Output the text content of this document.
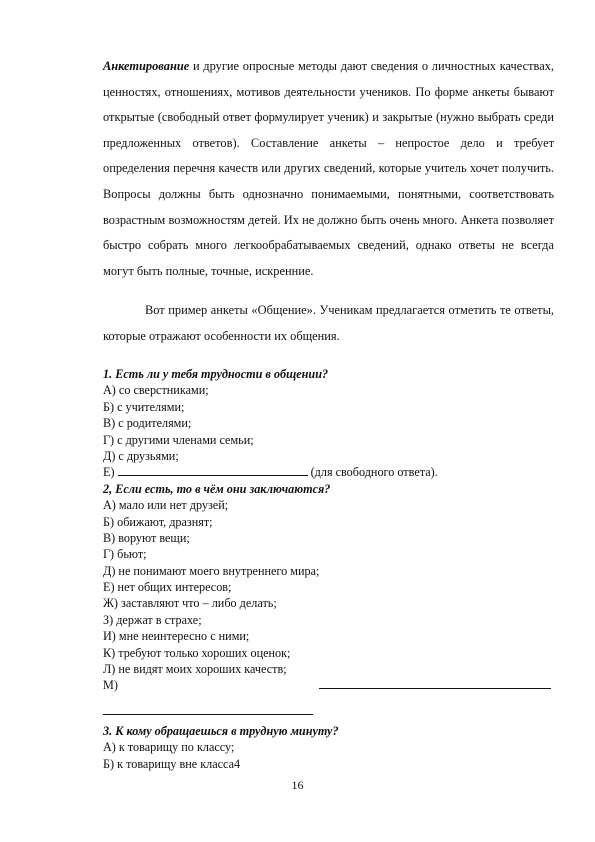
Анкетирование и другие опросные методы дают сведения о личностных качествах, ценностях, отношениях, мотивов деятельности учеников. По форме анкеты бывают открытые (свободный ответ формулирует ученик) и закрытые (нужно выбрать среди предложенных ответов). Составление анкеты – непростое дело и требует определения перечня качеств или других сведений, которые учитель хочет получить. Вопросы должны быть однозначно понимаемыми, понятными, соответствовать возрастным возможностям детей. Их не должно быть очень много. Анкета позволяет быстро собрать много легкообрабатываемых сведений, однако ответы не всегда могут быть полные, точные, искренние.

Вот пример анкеты «Общение». Ученикам предлагается отметить те ответы, которые отражают особенности их общения.

1. Есть ли у тебя трудности в общении?
А) со сверстниками;
Б) с учителями;
В) с родителями;
Г) с другими членами семьи;
Д) с друзьями;
Е)	(для свободного ответа).
2, Если есть, то в чём они заключаются?
А) мало или нет друзей;
Б) обижают, дразнят;
В) воруют вещи;
Г) бьют;
Д) не понимают моего внутреннего мира;
Е) нет общих интересов;
Ж) заставляют что – либо делать;
З) держат в страхе;
И) мне неинтересно с ними;
К) требуют только хороших оценок;
Л) не видят моих хороших качеств;
М)
3. К кому обращаешься в трудную минуту?
А) к товарищу по классу;
Б) к товарищу вне класса4
16
